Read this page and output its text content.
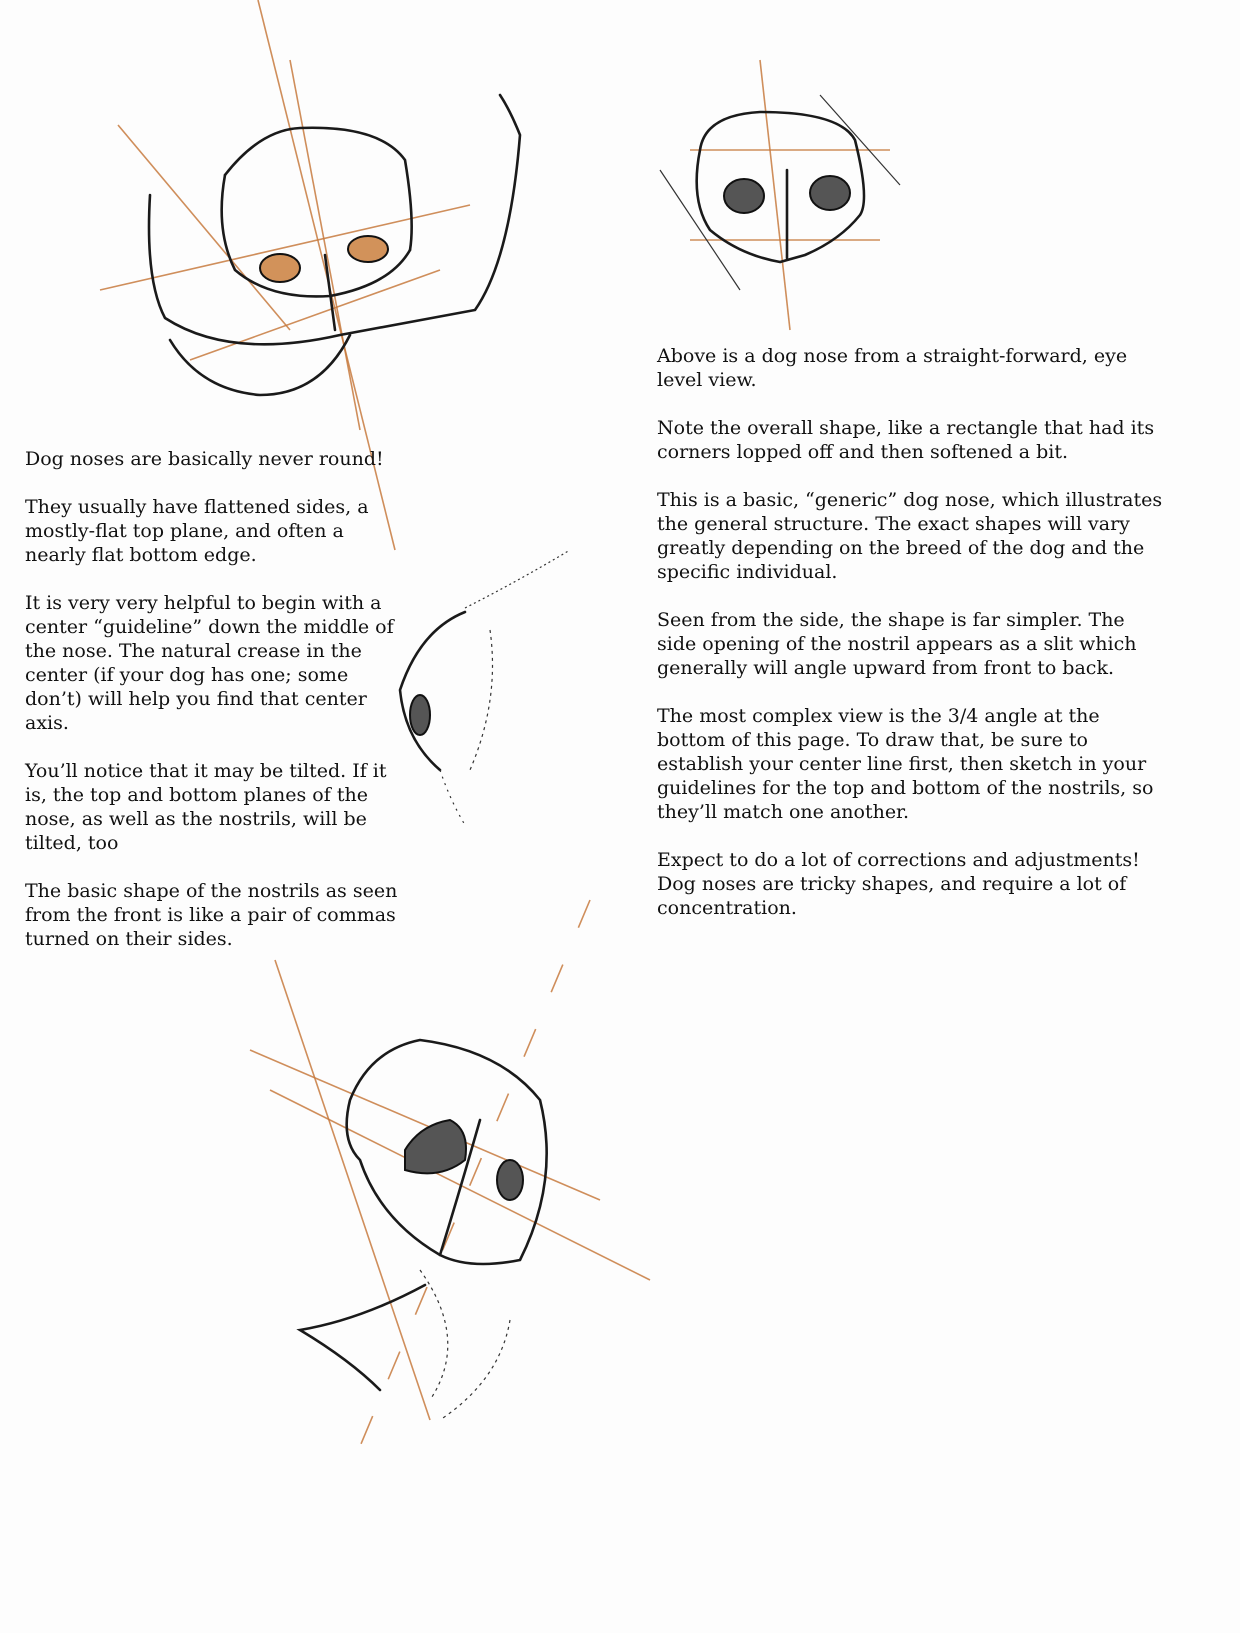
Dog noses are basically never round!

They usually have flattened sides, a
mostly-flat top plane, and often a
nearly flat bottom edge.

It is very very helpful to begin with a
center “guideline” down the middle of
the nose. The natural crease in the
center (if your dog has one; some
don’t) will help you find that center
axis.

You’ll notice that it may be tilted. If it
is, the top and bottom planes of the
nose, as well as the nostrils, will be
tilted, too

The basic shape of the nostrils as seen
from the front is like a pair of commas
turned on their sides.

Above is a dog nose from a straight-forward, eye
level view.

Note the overall shape, like a rectangle that had its
corners lopped off and then softened a bit.

This is a basic, “generic” dog nose, which illustrates
the general structure. The exact shapes will vary
greatly depending on the breed of the dog and the
specific individual.

Seen from the side, the shape is far simpler. The
side opening of the nostril appears as a slit which
generally will angle upward from front to back.

The most complex view is the 3/4 angle at the
bottom of this page. To draw that, be sure to
establish your center line first, then sketch in your
guidelines for the top and bottom of the nostrils, so
they’ll match one another.

Expect to do a lot of corrections and adjustments!
Dog noses are tricky shapes, and require a lot of
concentration.
